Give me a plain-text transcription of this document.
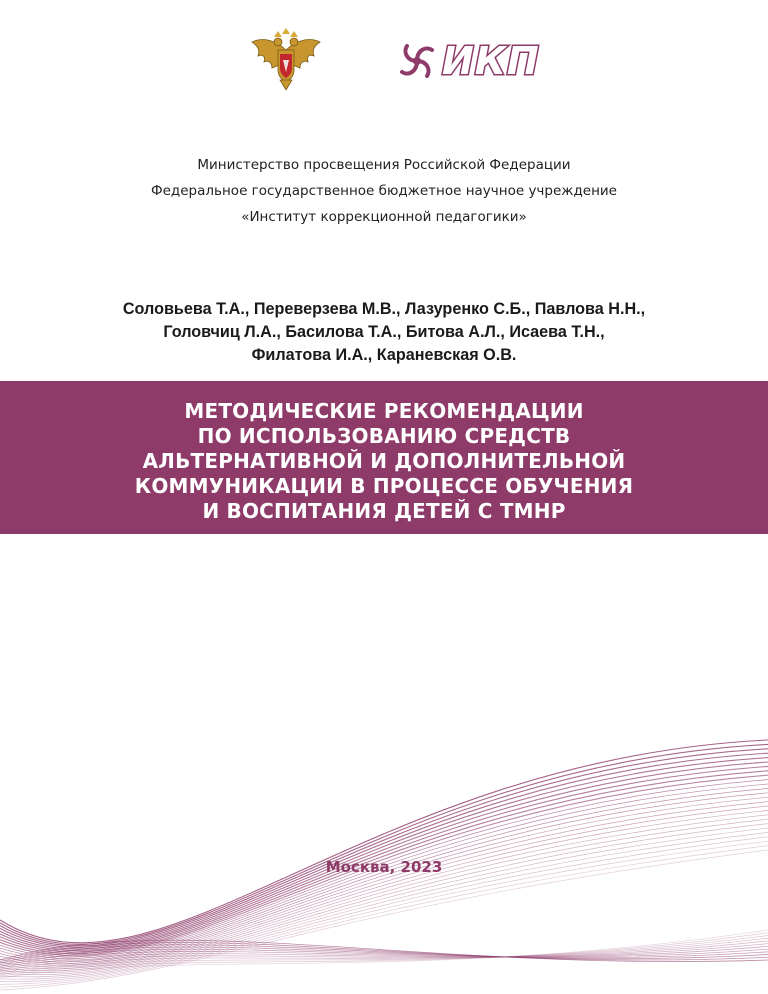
ИКП
Министерство просвещения Российской Федерации
Федеральное государственное бюджетное научное учреждение
«Институт коррекционной педагогики»
Соловьева Т.А., Переверзева М.В., Лазуренко С.Б., Павлова Н.Н.,
Головчиц Л.А., Басилова Т.А., Битова А.Л., Исаева Т.Н.,
Филатова И.А., Караневская О.В.
МЕТОДИЧЕСКИЕ РЕКОМЕНДАЦИИ
ПО ИСПОЛЬЗОВАНИЮ СРЕДСТВ
АЛЬТЕРНАТИВНОЙ И ДОПОЛНИТЕЛЬНОЙ
КОММУНИКАЦИИ В ПРОЦЕССЕ ОБУЧЕНИЯ
И ВОСПИТАНИЯ ДЕТЕЙ С ТМНР
Москва, 2023
